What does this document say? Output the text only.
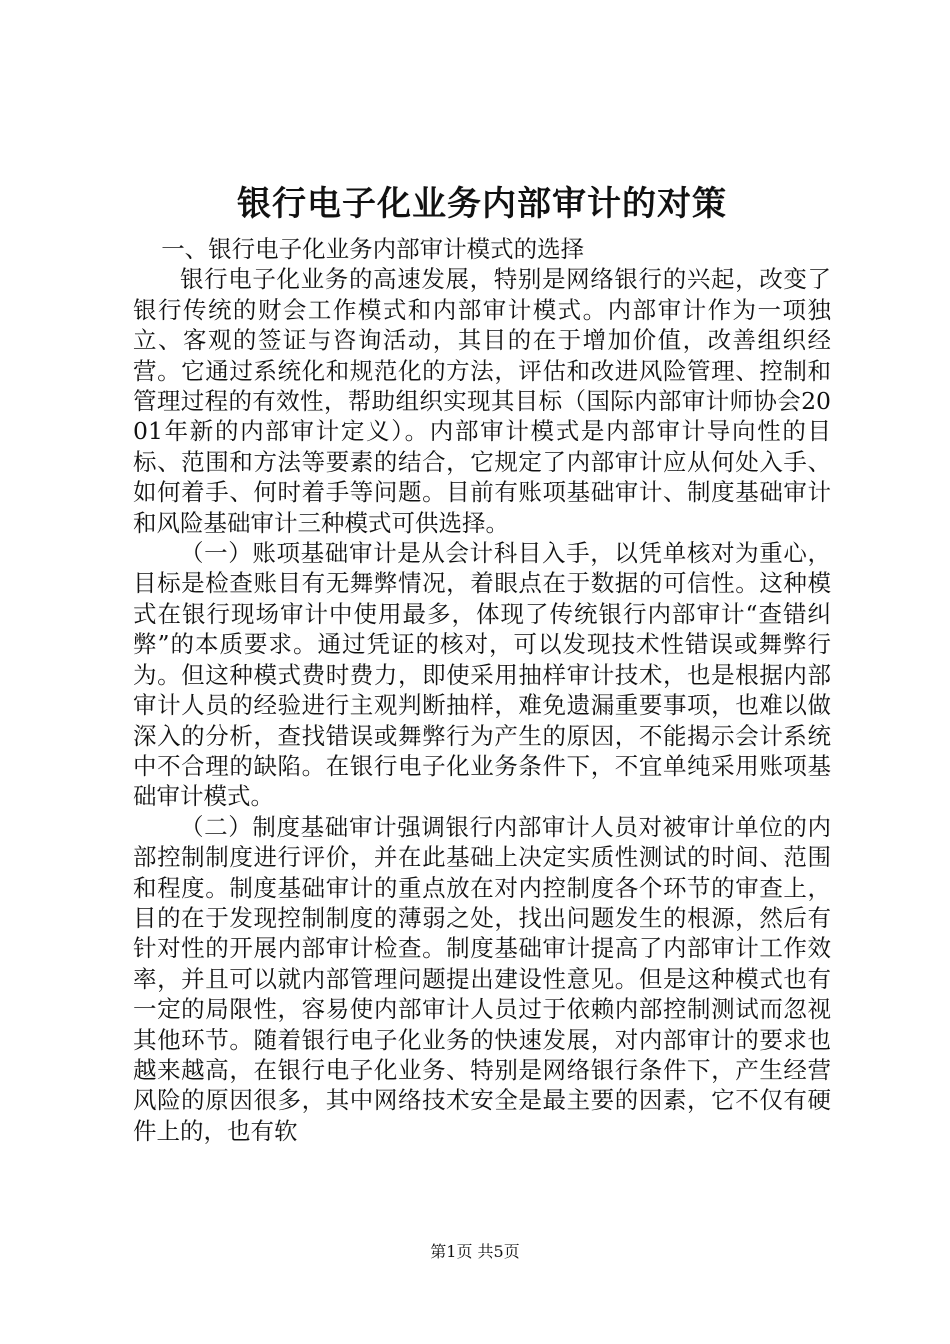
银行电子化业务内部审计的对策

一、银行电子化业务内部审计模式的选择

银行电子化业务的高速发展，特别是网络银行的兴起，改变了银行传统的财会工作模式和内部审计模式。内部审计作为一项独立、客观的签证与咨询活动，其目的在于增加价值，改善组织经营。它通过系统化和规范化的方法，评估和改进风险管理、控制和管理过程的有效性，帮助组织实现其目标（国际内部审计师协会2001年新的内部审计定义）。内部审计模式是内部审计导向性的目标、范围和方法等要素的结合，它规定了内部审计应从何处入手、如何着手、何时着手等问题。目前有账项基础审计、制度基础审计和风险基础审计三种模式可供选择。

（一）账项基础审计是从会计科目入手，以凭单核对为重心，目标是检查账目有无舞弊情况，着眼点在于数据的可信性。这种模式在银行现场审计中使用最多，体现了传统银行内部审计“查错纠弊”的本质要求。通过凭证的核对，可以发现技术性错误或舞弊行为。但这种模式费时费力，即使采用抽样审计技术，也是根据内部审计人员的经验进行主观判断抽样，难免遗漏重要事项，也难以做深入的分析，查找错误或舞弊行为产生的原因，不能揭示会计系统中不合理的缺陷。在银行电子化业务条件下，不宜单纯采用账项基础审计模式。

（二）制度基础审计强调银行内部审计人员对被审计单位的内部控制制度进行评价，并在此基础上决定实质性测试的时间、范围和程度。制度基础审计的重点放在对内控制度各个环节的审查上，目的在于发现控制制度的薄弱之处，找出问题发生的根源，然后有针对性的开展内部审计检查。制度基础审计提高了内部审计工作效率，并且可以就内部管理问题提出建设性意见。但是这种模式也有一定的局限性，容易使内部审计人员过于依赖内部控制测试而忽视其他环节。随着银行电子化业务的快速发展，对内部审计的要求也越来越高，在银行电子化业务、特别是网络银行条件下，产生经营风险的原因很多，其中网络技术安全是最主要的因素，它不仅有硬件上的，也有软

第1页 共5页
